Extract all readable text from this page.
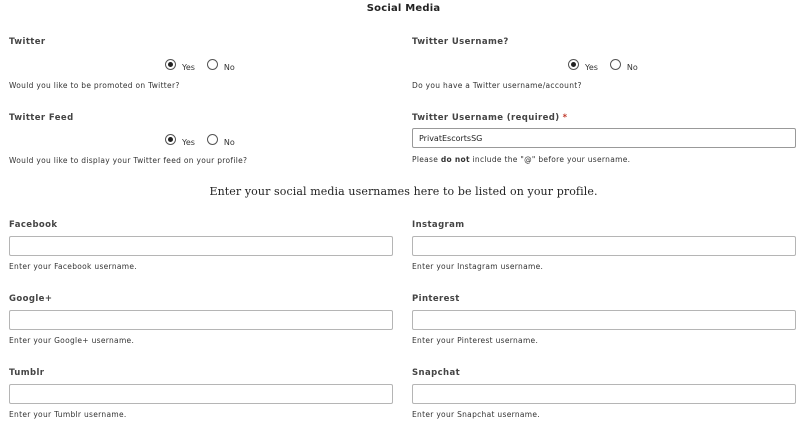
Social Media
Twitter
Yes	No
Would you like to be promoted on Twitter?
Twitter Username?
Yes	No
Do you have a Twitter username/account?
Twitter Feed
Yes	No
Would you like to display your Twitter feed on your profile?
Twitter Username (required) *
PrivatEscortsSG
Please do not include the "@" before your username.
Enter your social media usernames here to be listed on your profile.
Facebook
Enter your Facebook username.
Instagram
Enter your Instagram username.
Google+
Enter your Google+ username.
Pinterest
Enter your Pinterest username.
Tumblr
Enter your Tumblr username.
Snapchat
Enter your Snapchat username.
